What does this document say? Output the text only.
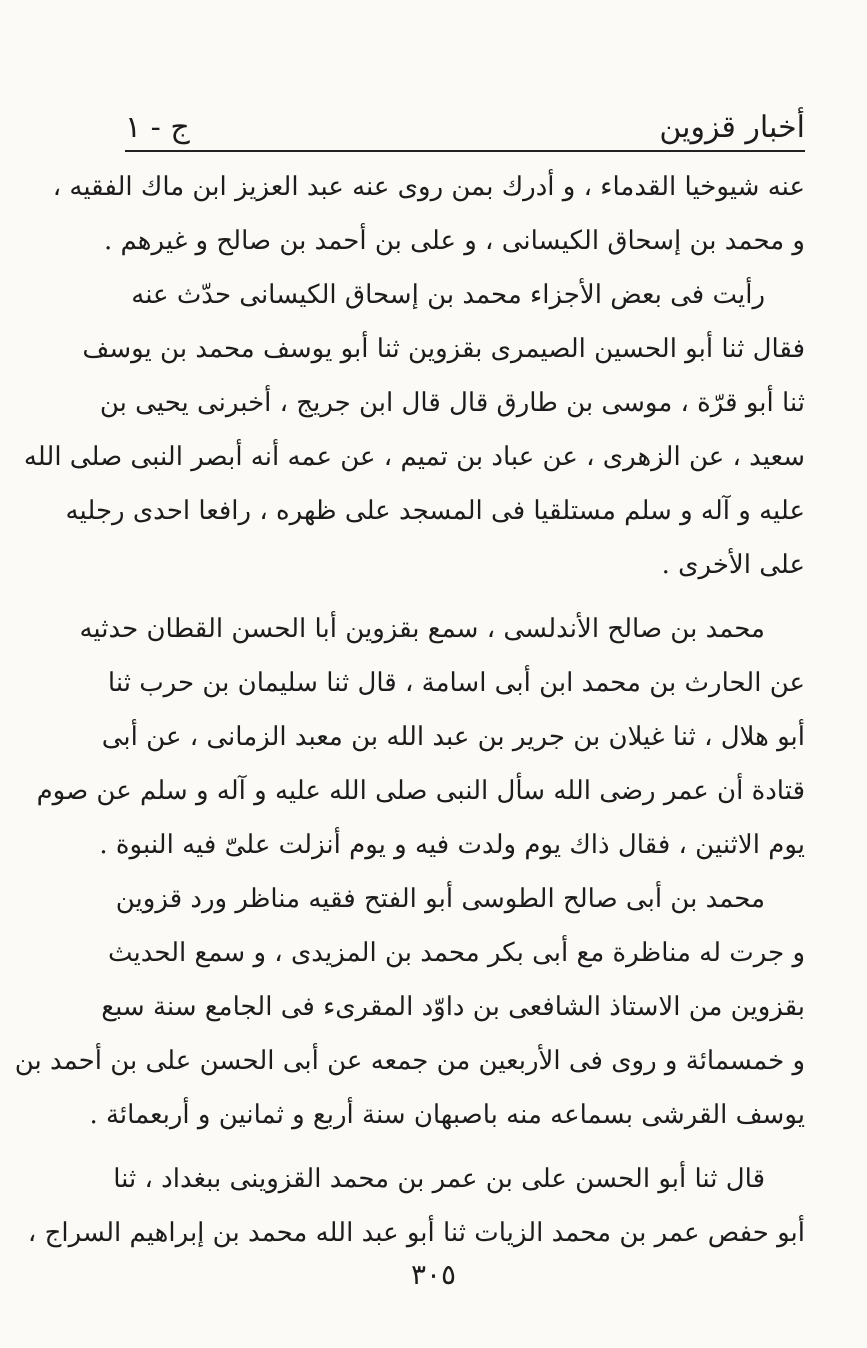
أخبار قزوين
ج - ١
عنه شيوخيا القدماء ، و أدرك بمن روى عنه عبد العزيز ابن ماك الفقيه ،
و محمد بن إسحاق الكيسانى ، و على بن أحمد بن صالح و غيرهم .
رأيت فى بعض الأجزاء محمد بن إسحاق الكيسانى حدّث عنه
فقال ثنا أبو الحسين الصيمرى بقزوين ثنا أبو يوسف محمد بن يوسف
ثنا أبو قرّة ، موسى بن طارق قال قال ابن جريج ، أخبرنى يحيى بن
سعيد ، عن الزهرى ، عن عباد بن تميم ، عن عمه أنه أبصر النبى صلى الله
عليه و آله و سلم مستلقيا فى المسجد على ظهره ، رافعا احدى رجليه
على الأخرى .
محمد بن صالح الأندلسى ، سمع بقزوين أبا الحسن القطان حدثيه
عن الحارث بن محمد ابن أبى اسامة ، قال ثنا سليمان بن حرب ثنا
أبو هلال ، ثنا غيلان بن جرير بن عبد الله بن معبد الزمانى ، عن أبى
قتادة أن عمر رضى الله سأل النبى صلى الله عليه و آله و سلم عن صوم
يوم الاثنين ، فقال ذاك يوم ولدت فيه و يوم أنزلت علىّ فيه النبوة .
محمد بن أبى صالح الطوسى أبو الفتح فقيه مناظر ورد قزوين
و جرت له مناظرة مع أبى بكر محمد بن المزيدى ، و سمع الحديث
بقزوين من الاستاذ الشافعى بن داوّد المقرىء فى الجامع سنة سبع
و خمسمائة و روى فى الأربعين من جمعه عن أبى الحسن على بن أحمد بن
يوسف القرشى بسماعه منه باصبهان سنة أربع و ثمانين و أربعمائة .
قال ثنا أبو الحسن على بن عمر بن محمد القزوينى ببغداد ، ثنا
أبو حفص عمر بن محمد الزيات ثنا أبو عبد الله محمد بن إبراهيم السراج ،
٣٠٥
